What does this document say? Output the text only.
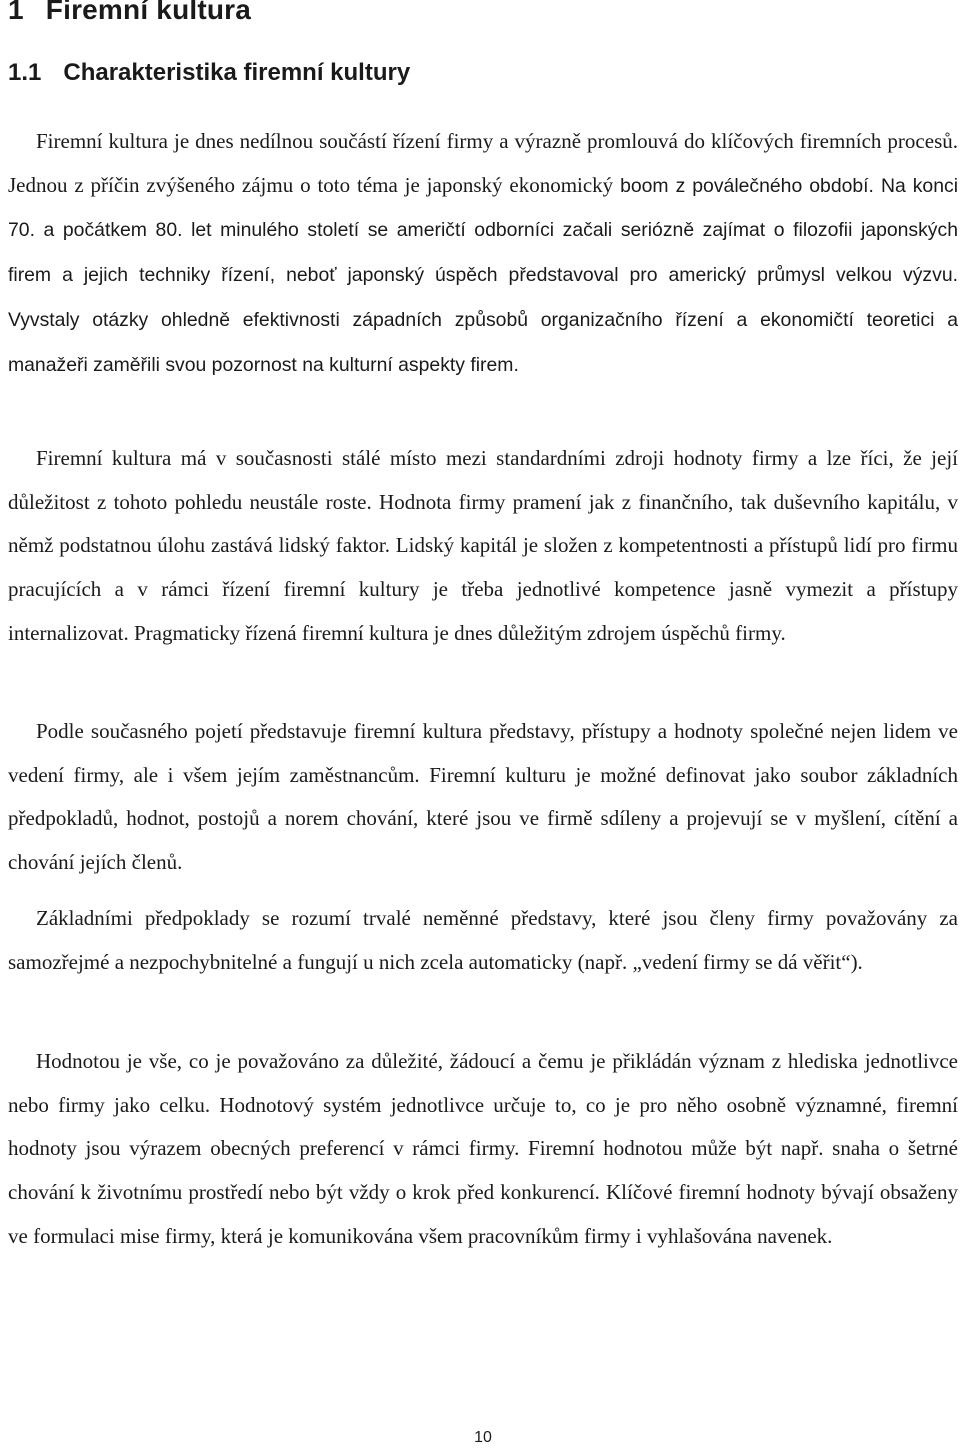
1 Firemní kultura
1.1 Charakteristika firemní kultury

Firemní kultura je dnes nedílnou součástí řízení firmy a výrazně promlouvá do klíčových firemních procesů. Jednou z příčin zvýšeného zájmu o toto téma je japonský ekonomický boom z poválečného období. Na konci 70. a počátkem 80. let minulého století se američtí odborníci začali seriózně zajímat o filozofii japonských firem a jejich techniky řízení, neboť japonský úspěch představoval pro americký průmysl velkou výzvu. Vyvstaly otázky ohledně efektivnosti západních způsobů organizačního řízení a ekonomičtí teoretici a manažeři zaměřili svou pozornost na kulturní aspekty firem.

Firemní kultura má v současnosti stálé místo mezi standardními zdroji hodnoty firmy a lze říci, že její důležitost z tohoto pohledu neustále roste. Hodnota firmy pramení jak z finančního, tak duševního kapitálu, v němž podstatnou úlohu zastává lidský faktor. Lidský kapitál je složen z kompetentnosti a přístupů lidí pro firmu pracujících a v rámci řízení firemní kultury je třeba jednotlivé kompetence jasně vymezit a přístupy internalizovat. Pragmaticky řízená firemní kultura je dnes důležitým zdrojem úspěchů firmy.

Podle současného pojetí představuje firemní kultura představy, přístupy a hodnoty společné nejen lidem ve vedení firmy, ale i všem jejím zaměstnancům. Firemní kulturu je možné definovat jako soubor základních předpokladů, hodnot, postojů a norem chování, které jsou ve firmě sdíleny a projevují se v myšlení, cítění a chování jejích členů.

Základními předpoklady se rozumí trvalé neměnné představy, které jsou členy firmy považovány za samozřejmé a nezpochybnitelné a fungují u nich zcela automaticky (např. „vedení firmy se dá věřit“).

Hodnotou je vše, co je považováno za důležité, žádoucí a čemu je přikládán význam z hlediska jednotlivce nebo firmy jako celku. Hodnotový systém jednotlivce určuje to, co je pro něho osobně významné, firemní hodnoty jsou výrazem obecných preferencí v rámci firmy. Firemní hodnotou může být např. snaha o šetrné chování k životnímu prostředí nebo být vždy o krok před konkurencí. Klíčové firemní hodnoty bývají obsaženy ve formulaci mise firmy, která je komunikována všem pracovníkům firmy i vyhlašována navenek.

10
